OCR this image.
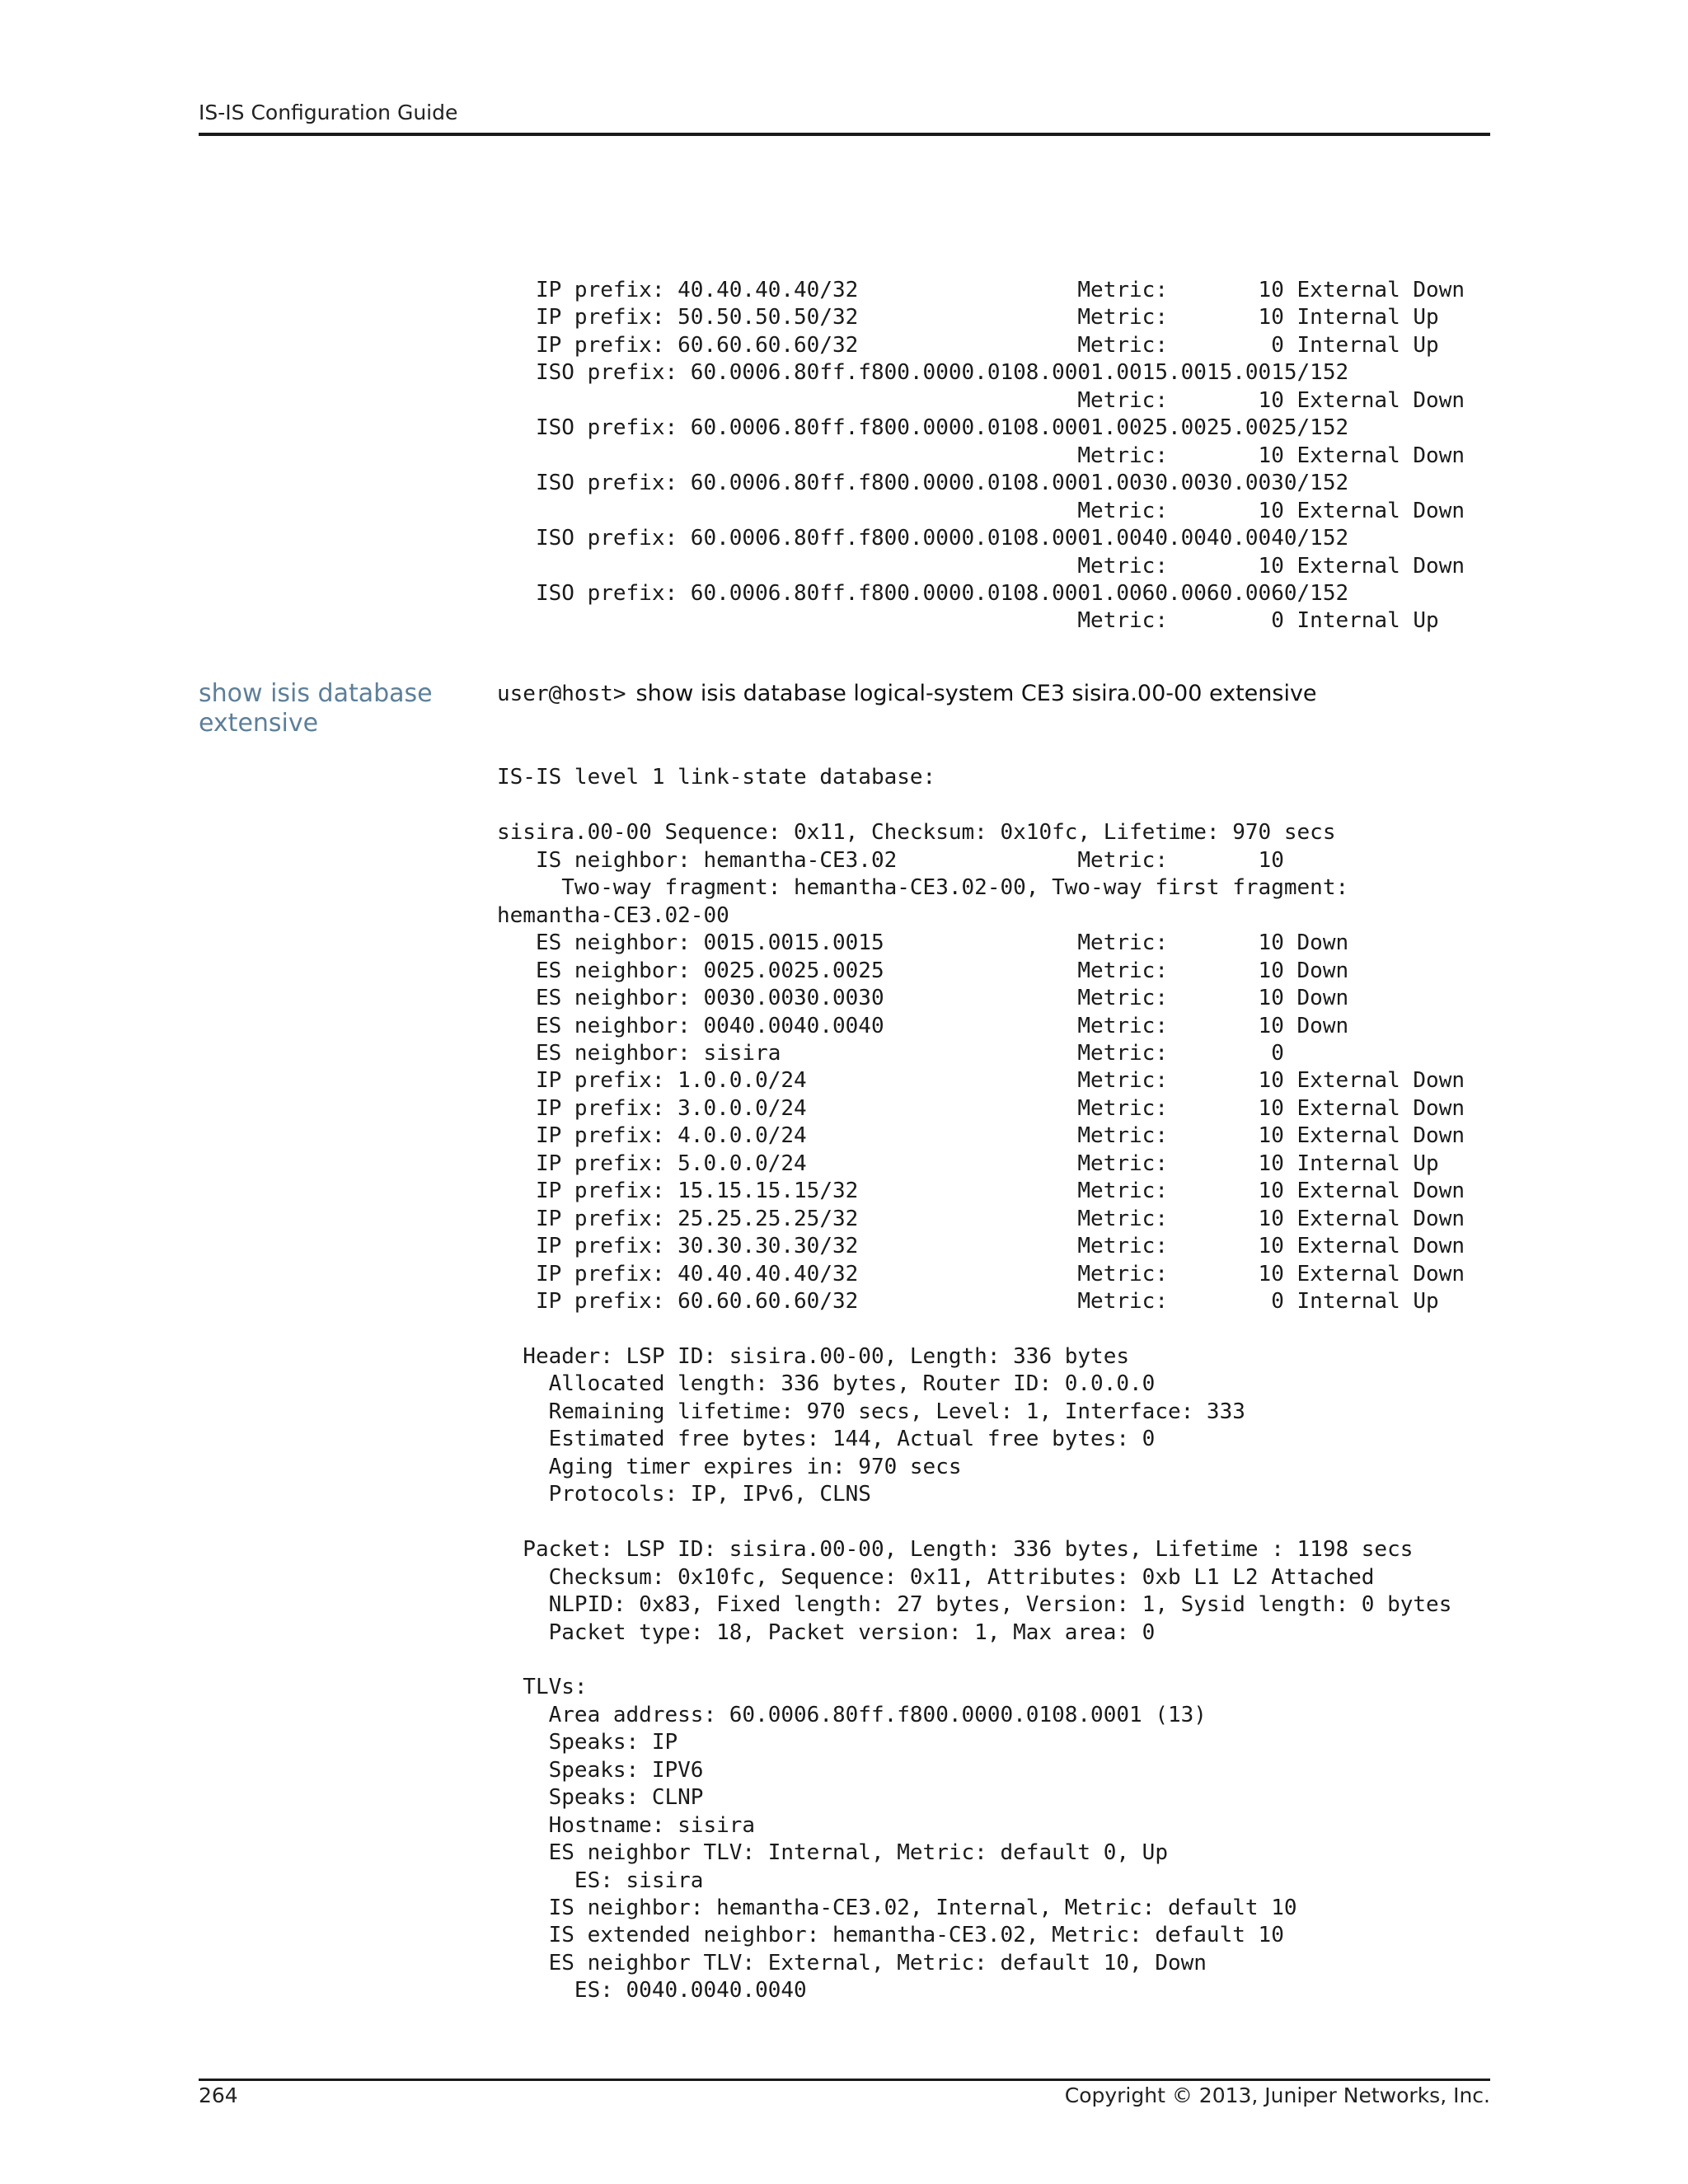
IS-IS Configuration Guide
IP prefix: 40.40.40.40/32                 Metric:       10 External Down
IP prefix: 50.50.50.50/32                 Metric:       10 Internal Up
IP prefix: 60.60.60.60/32                 Metric:        0 Internal Up
ISO prefix: 60.0006.80ff.f800.0000.0108.0001.0015.0015.0015/152
Metric:       10 External Down
ISO prefix: 60.0006.80ff.f800.0000.0108.0001.0025.0025.0025/152
Metric:       10 External Down
ISO prefix: 60.0006.80ff.f800.0000.0108.0001.0030.0030.0030/152
Metric:       10 External Down
ISO prefix: 60.0006.80ff.f800.0000.0108.0001.0040.0040.0040/152
Metric:       10 External Down
ISO prefix: 60.0006.80ff.f800.0000.0108.0001.0060.0060.0060/152
Metric:        0 Internal Up
show isis database extensive
user@host> show isis database logical-system CE3 sisira.00-00 extensive

IS-IS level 1 link-state database:

sisira.00-00 Sequence: 0x11, Checksum: 0x10fc, Lifetime: 970 secs
IS neighbor: hemantha-CE3.02              Metric:       10
Two-way fragment: hemantha-CE3.02-00, Two-way first fragment:
hemantha-CE3.02-00
ES neighbor: 0015.0015.0015               Metric:       10 Down
ES neighbor: 0025.0025.0025               Metric:       10 Down
ES neighbor: 0030.0030.0030               Metric:       10 Down
ES neighbor: 0040.0040.0040               Metric:       10 Down
ES neighbor: sisira                       Metric:        0
IP prefix: 1.0.0.0/24                     Metric:       10 External Down
IP prefix: 3.0.0.0/24                     Metric:       10 External Down
IP prefix: 4.0.0.0/24                     Metric:       10 External Down
IP prefix: 5.0.0.0/24                     Metric:       10 Internal Up
IP prefix: 15.15.15.15/32                 Metric:       10 External Down
IP prefix: 25.25.25.25/32                 Metric:       10 External Down
IP prefix: 30.30.30.30/32                 Metric:       10 External Down
IP prefix: 40.40.40.40/32                 Metric:       10 External Down
IP prefix: 60.60.60.60/32                 Metric:        0 Internal Up

Header: LSP ID: sisira.00-00, Length: 336 bytes
Allocated length: 336 bytes, Router ID: 0.0.0.0
Remaining lifetime: 970 secs, Level: 1, Interface: 333
Estimated free bytes: 144, Actual free bytes: 0
Aging timer expires in: 970 secs
Protocols: IP, IPv6, CLNS

Packet: LSP ID: sisira.00-00, Length: 336 bytes, Lifetime : 1198 secs
Checksum: 0x10fc, Sequence: 0x11, Attributes: 0xb L1 L2 Attached
NLPID: 0x83, Fixed length: 27 bytes, Version: 1, Sysid length: 0 bytes
Packet type: 18, Packet version: 1, Max area: 0

TLVs:
Area address: 60.0006.80ff.f800.0000.0108.0001 (13)
Speaks: IP
Speaks: IPV6
Speaks: CLNP
Hostname: sisira
ES neighbor TLV: Internal, Metric: default 0, Up
ES: sisira
IS neighbor: hemantha-CE3.02, Internal, Metric: default 10
IS extended neighbor: hemantha-CE3.02, Metric: default 10
ES neighbor TLV: External, Metric: default 10, Down
ES: 0040.0040.0040
264	Copyright © 2013, Juniper Networks, Inc.
